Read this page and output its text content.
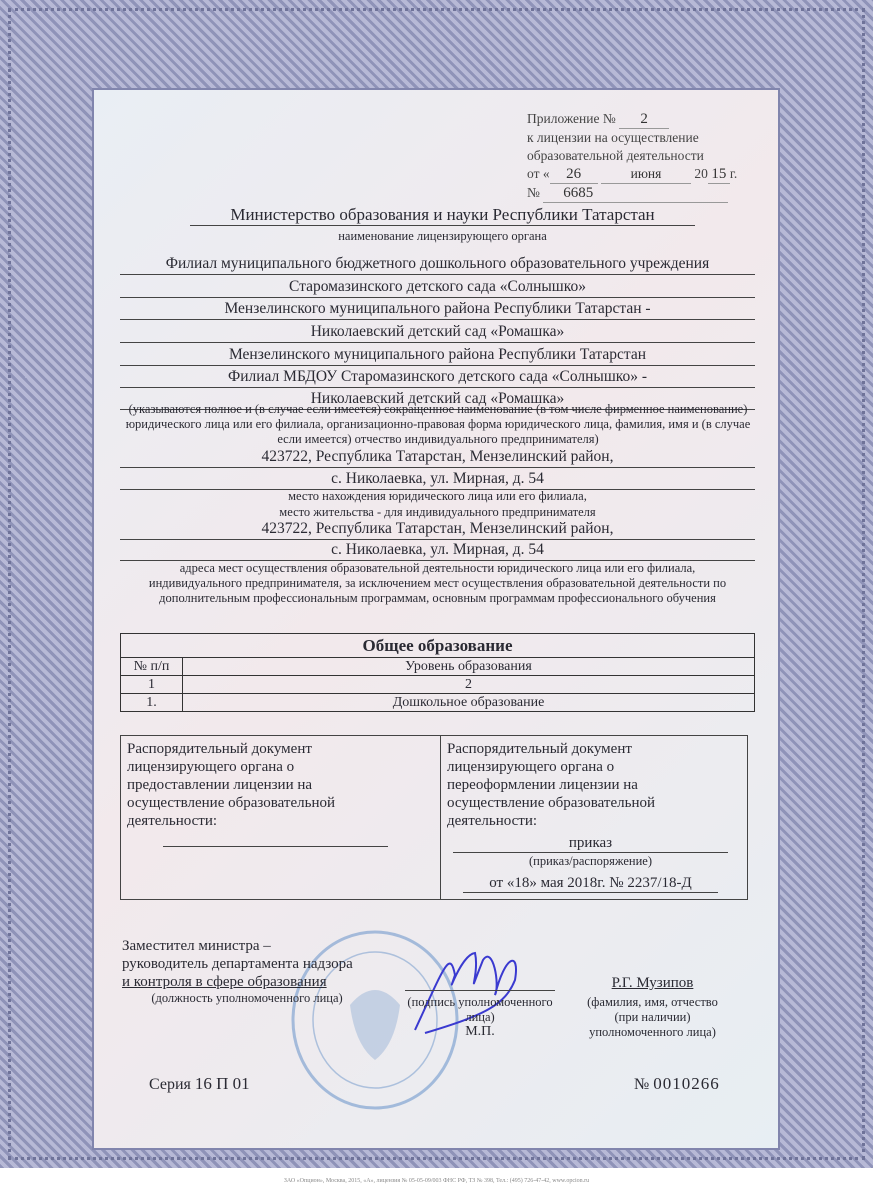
Приложение № 2
к лицензии на осуществление
образовательной деятельности
от « 26	июня 20 15 г.
№ 6685
Министерство образования и науки Республики Татарстан
наименование лицензирующего органа
Филиал муниципального бюджетного дошкольного образовательного учреждения
Старомазинского детского сада «Солнышко»
Мензелинского муниципального района Республики Татарстан -
Николаевский детский сад «Ромашка»
Мензелинского муниципального района Республики Татарстан
Филиал МБДОУ Старомазинского детского сада «Солнышко» -
Николаевский детский сад «Ромашка»
(указываются полное и (в случае если имеется) сокращенное наименование (в том числе фирменное наименование) юридического лица или его филиала, организационно-правовая форма юридического лица, фамилия, имя и (в случае если имеется) отчество индивидуального предпринимателя)
423722, Республика Татарстан, Мензелинский район,
с. Николаевка, ул. Мирная, д. 54
место нахождения юридического лица или его филиала,
место жительства - для индивидуального предпринимателя
423722, Республика Татарстан, Мензелинский район,
с. Николаевка, ул. Мирная, д. 54
адреса мест осуществления образовательной деятельности юридического лица или его филиала, индивидуального предпринимателя, за исключением мест осуществления образовательной деятельности по дополнительным профессиональным программам, основным программам профессионального обучения
Общее образование	
№ п/п	Уровень образования
1	2
1.	Дошкольное образование
Распорядительный документ лицензирующего органа о предоставлении лицензии на осуществление образовательной деятельности:
Распорядительный документ лицензирующего органа о переоформлении лицензии на осуществление образовательной деятельности:
приказ
(приказ/распоряжение)
от «18» мая 2018г. № 2237/18-Д
Заместител министра –
руководитель департамента надзора
и контроля в сфере образования
(должность уполномоченного лица)	(подпись уполномоченного лица)
М.П.
Р.Г. Музипов
(фамилия, имя, отчество (при наличии) уполномоченного лица)
Серия 16 П 01	№ 0010266
ЗАО «Опцион», Москва, 2015, «А», лицензия № 05-05-09/003 ФНС РФ, ТЗ № 398, Тел.: (495) 726-47-42, www.opcion.ru
